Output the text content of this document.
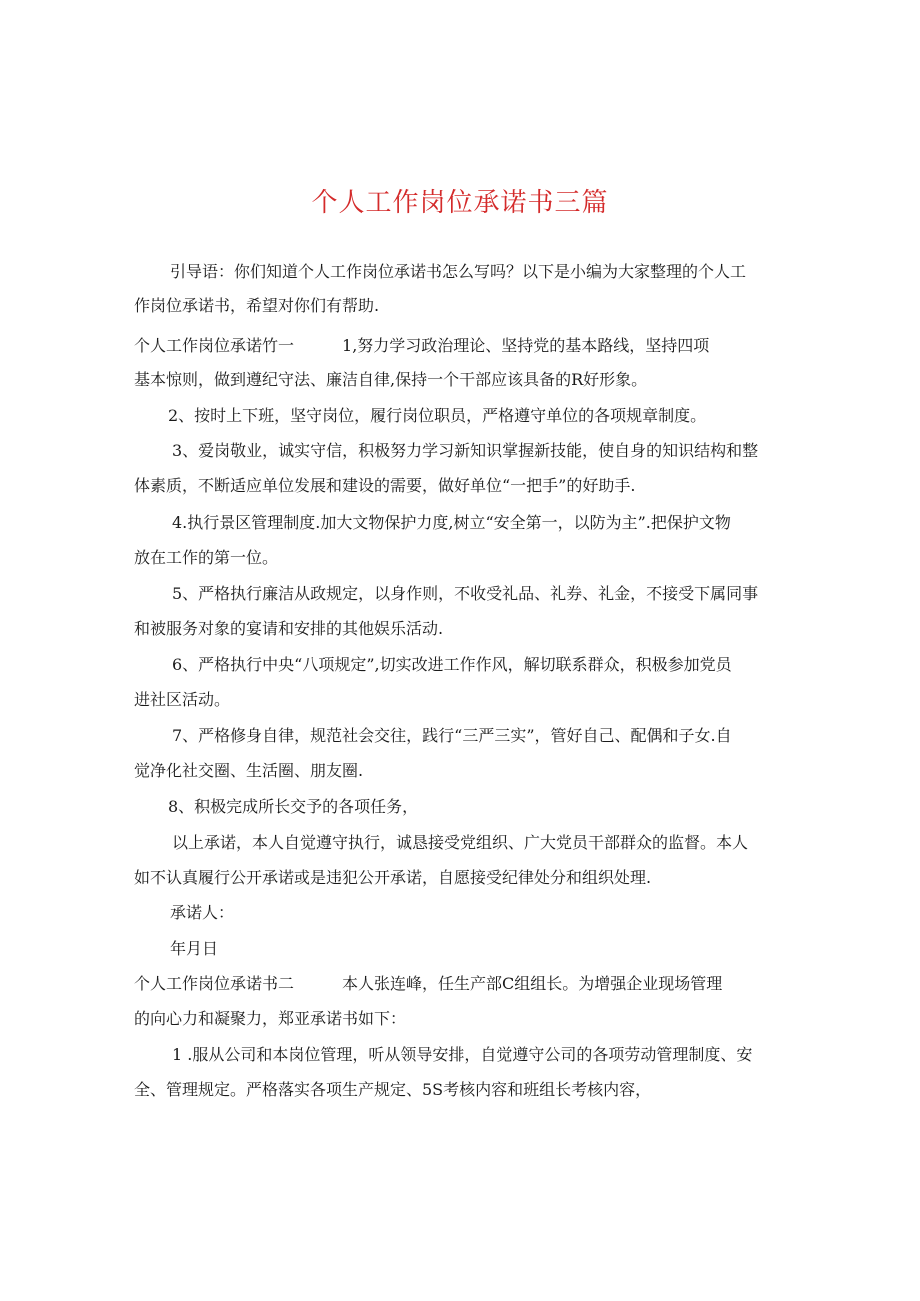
个人工作岗位承诺书三篇
引导语：你们知道个人工作岗位承诺书怎么写吗？以下是小编为大家整理的个人工
作岗位承诺书，希望对你们有帮助.
个人工作岗位承诺竹一	1,努力学习政治理论、坚持党的基本路线，坚持四项
基本惊则，做到遵纪守法、廉洁自律,保持一个干部应该具备的R好形象。
2、按时上下班，坚守岗位，履行岗位职员，严格遵守单位的各项规章制度。
3、爱岗敬业，诚实守信，积极努力学习新知识掌握新技能，使自身的知识结构和整
体素质，不断适应单位发展和建设的需要，做好单位“一把手”的好助手.
4.执行景区管理制度.加大文物保护力度,树立“安全第一，以防为主”.把保护文物
放在工作的第一位。
5、严格执行廉洁从政规定，以身作则，不收受礼品、礼券、礼金，不接受下属同事
和被服务对象的宴请和安排的其他娱乐活动.
6、严格执行中央“八项规定”,切实改进工作作风，解切联系群众，积极参加党员
进社区活动。
7、严格修身自律，规范社会交往，践行“三严三实”，管好自己、配偶和子女.自
觉净化社交圈、生活圈、朋友圈.
8、积极完成所长交予的各项任务，
以上承诺，本人自觉遵守执行，诚恳接受党组织、广大党员干部群众的监督。本人
如不认真履行公开承诺或是违犯公开承诺，自愿接受纪律处分和组织处理.
承诺人：
年月日
个人工作岗位承诺书二	本人张连峰，任生产部C组组长。为增强企业现场管理
的向心力和凝聚力，郑亚承诺书如下：
1 .服从公司和本岗位管理，听从领导安排，自觉遵守公司的各项劳动管理制度、安
全、管理规定。严格落实各项生产规定、5S考核内容和班组长考核内容，
